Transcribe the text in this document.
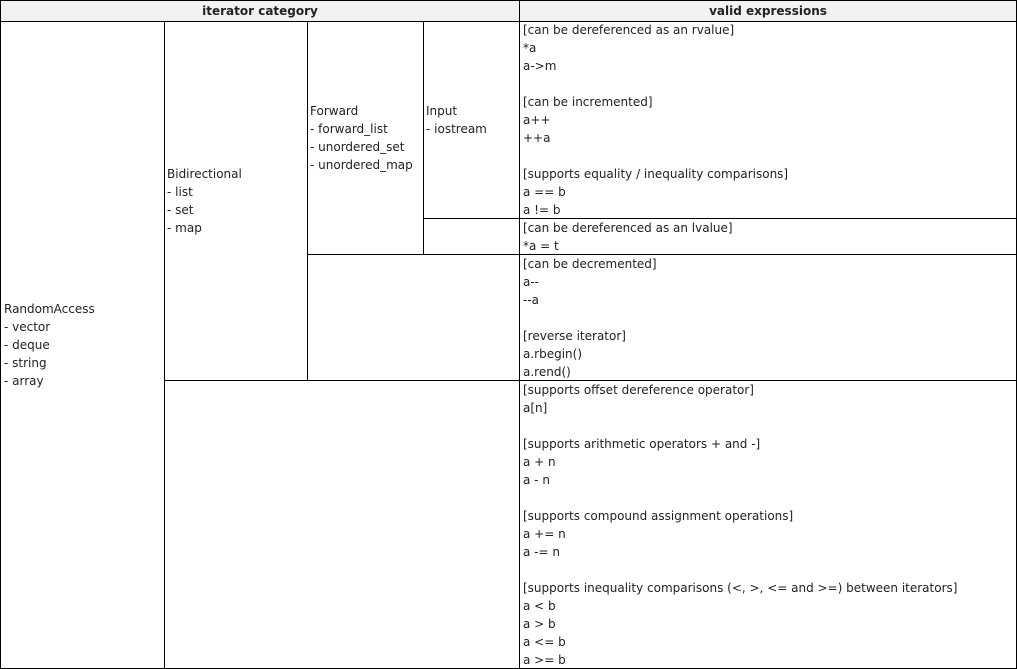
iterator category	valid expressions
RandomAccess
- vector
- deque
- string
- array
Bidirectional
- list
- set
- map
Forward
- forward_list
- unordered_set
- unordered_map
Input
- iostream
[can be dereferenced as an rvalue]
*a
a->m
[can be incremented]
a++
++a
[supports equality / inequality comparisons]
a == b
a != b
[can be dereferenced as an lvalue]
*a = t
[can be decremented]
a--
--a
[reverse iterator]
a.rbegin()
a.rend()
[supports offset dereference operator]
a[n]
[supports arithmetic operators + and -]
a + n
a - n
[supports compound assignment operations]
a += n
a -= n
[supports inequality comparisons (<, >, <= and >=) between iterators]
a < b
a > b
a <= b
a >= b
